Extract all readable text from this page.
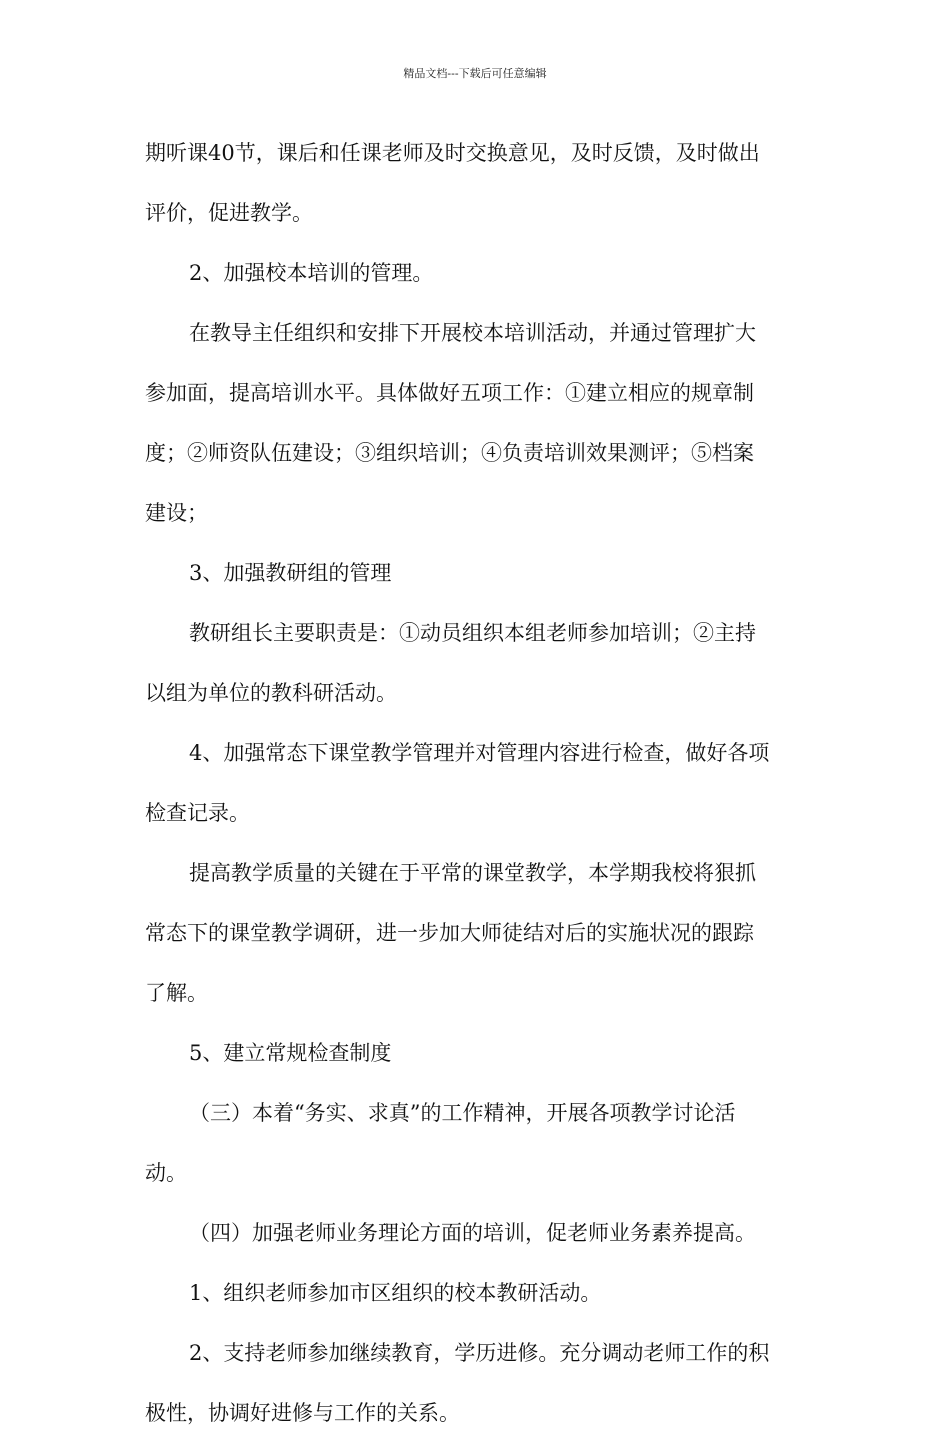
精品文档---下载后可任意编辑
期听课40节，课后和任课老师及时交换意见，及时反馈，及时做出
评价，促进教学。
2、加强校本培训的管理。
在教导主任组织和安排下开展校本培训活动，并通过管理扩大
参加面，提高培训水平。具体做好五项工作：①建立相应的规章制
度；②师资队伍建设；③组织培训；④负责培训效果测评；⑤档案
建设；
3、加强教研组的管理
教研组长主要职责是：①动员组织本组老师参加培训；②主持
以组为单位的教科研活动。
4、加强常态下课堂教学管理并对管理内容进行检查，做好各项
检查记录。
提高教学质量的关键在于平常的课堂教学，本学期我校将狠抓
常态下的课堂教学调研，进一步加大师徒结对后的实施状况的跟踪
了解。
5、建立常规检查制度
（三）本着“务实、求真”的工作精神，开展各项教学讨论活
动。
（四）加强老师业务理论方面的培训，促老师业务素养提高。
1、组织老师参加市区组织的校本教研活动。
2、支持老师参加继续教育，学历进修。充分调动老师工作的积
极性，协调好进修与工作的关系。
